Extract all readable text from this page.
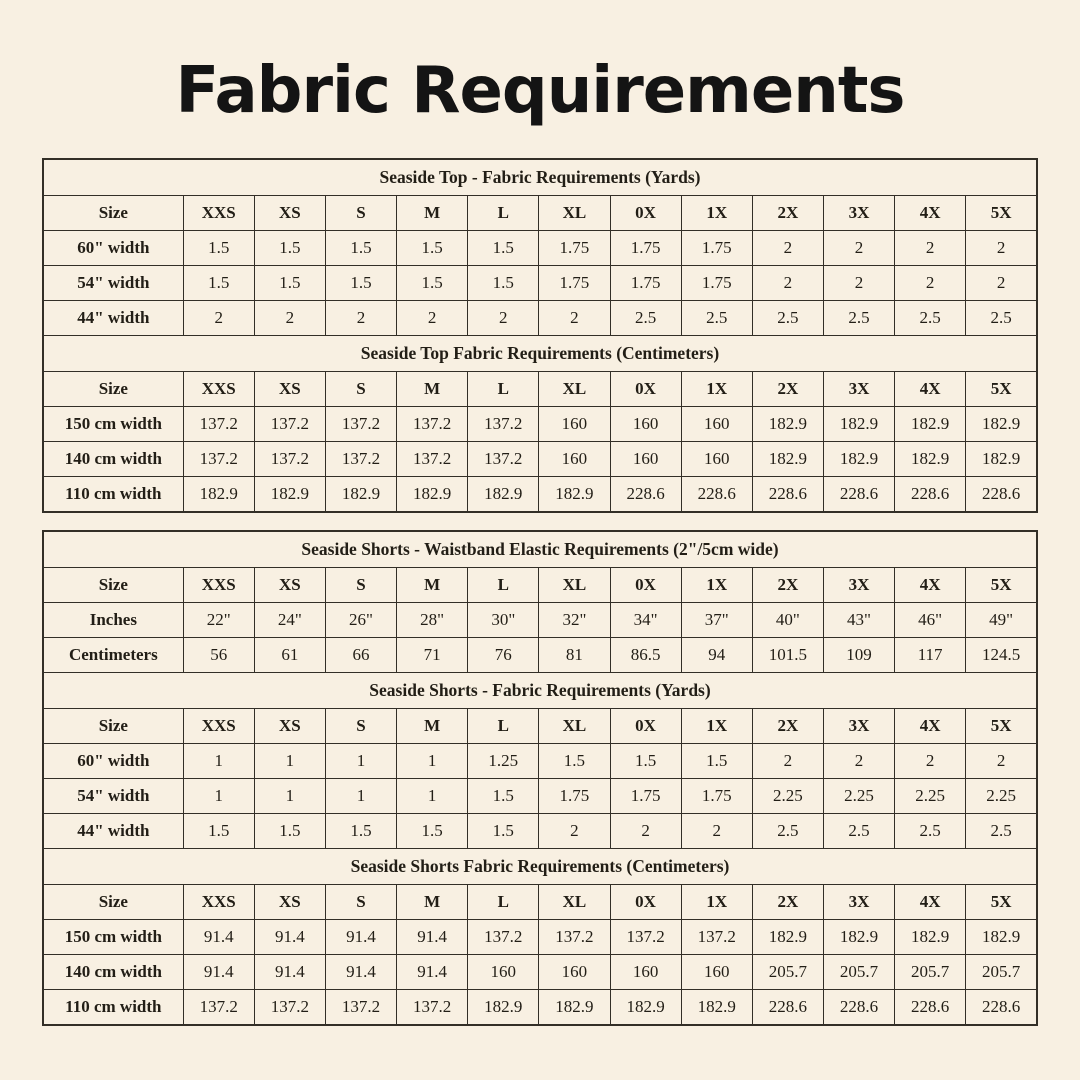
Fabric Requirements
Seaside Top - Fabric Requirements (Yards)												
Size	XXS	XS	S	M	L	XL	0X	1X	2X	3X	4X	5X
60" width	1.5	1.5	1.5	1.5	1.5	1.75	1.75	1.75	2	2	2	2
54" width	1.5	1.5	1.5	1.5	1.5	1.75	1.75	1.75	2	2	2	2
44" width	2	2	2	2	2	2	2.5	2.5	2.5	2.5	2.5	2.5
Seaside Top Fabric Requirements (Centimeters)												
Size	XXS	XS	S	M	L	XL	0X	1X	2X	3X	4X	5X
150 cm width	137.2	137.2	137.2	137.2	137.2	160	160	160	182.9	182.9	182.9	182.9
140 cm width	137.2	137.2	137.2	137.2	137.2	160	160	160	182.9	182.9	182.9	182.9
110 cm width	182.9	182.9	182.9	182.9	182.9	182.9	228.6	228.6	228.6	228.6	228.6	228.6
Seaside Shorts - Waistband Elastic Requirements (2"/5cm wide)												
Size	XXS	XS	S	M	L	XL	0X	1X	2X	3X	4X	5X
Inches	22"	24"	26"	28"	30"	32"	34"	37"	40"	43"	46"	49"
Centimeters	56	61	66	71	76	81	86.5	94	101.5	109	117	124.5
Seaside Shorts - Fabric Requirements (Yards)												
Size	XXS	XS	S	M	L	XL	0X	1X	2X	3X	4X	5X
60" width	1	1	1	1	1.25	1.5	1.5	1.5	2	2	2	2
54" width	1	1	1	1	1.5	1.75	1.75	1.75	2.25	2.25	2.25	2.25
44" width	1.5	1.5	1.5	1.5	1.5	2	2	2	2.5	2.5	2.5	2.5
Seaside Shorts Fabric Requirements (Centimeters)												
Size	XXS	XS	S	M	L	XL	0X	1X	2X	3X	4X	5X
150 cm width	91.4	91.4	91.4	91.4	137.2	137.2	137.2	137.2	182.9	182.9	182.9	182.9
140 cm width	91.4	91.4	91.4	91.4	160	160	160	160	205.7	205.7	205.7	205.7
110 cm width	137.2	137.2	137.2	137.2	182.9	182.9	182.9	182.9	228.6	228.6	228.6	228.6
